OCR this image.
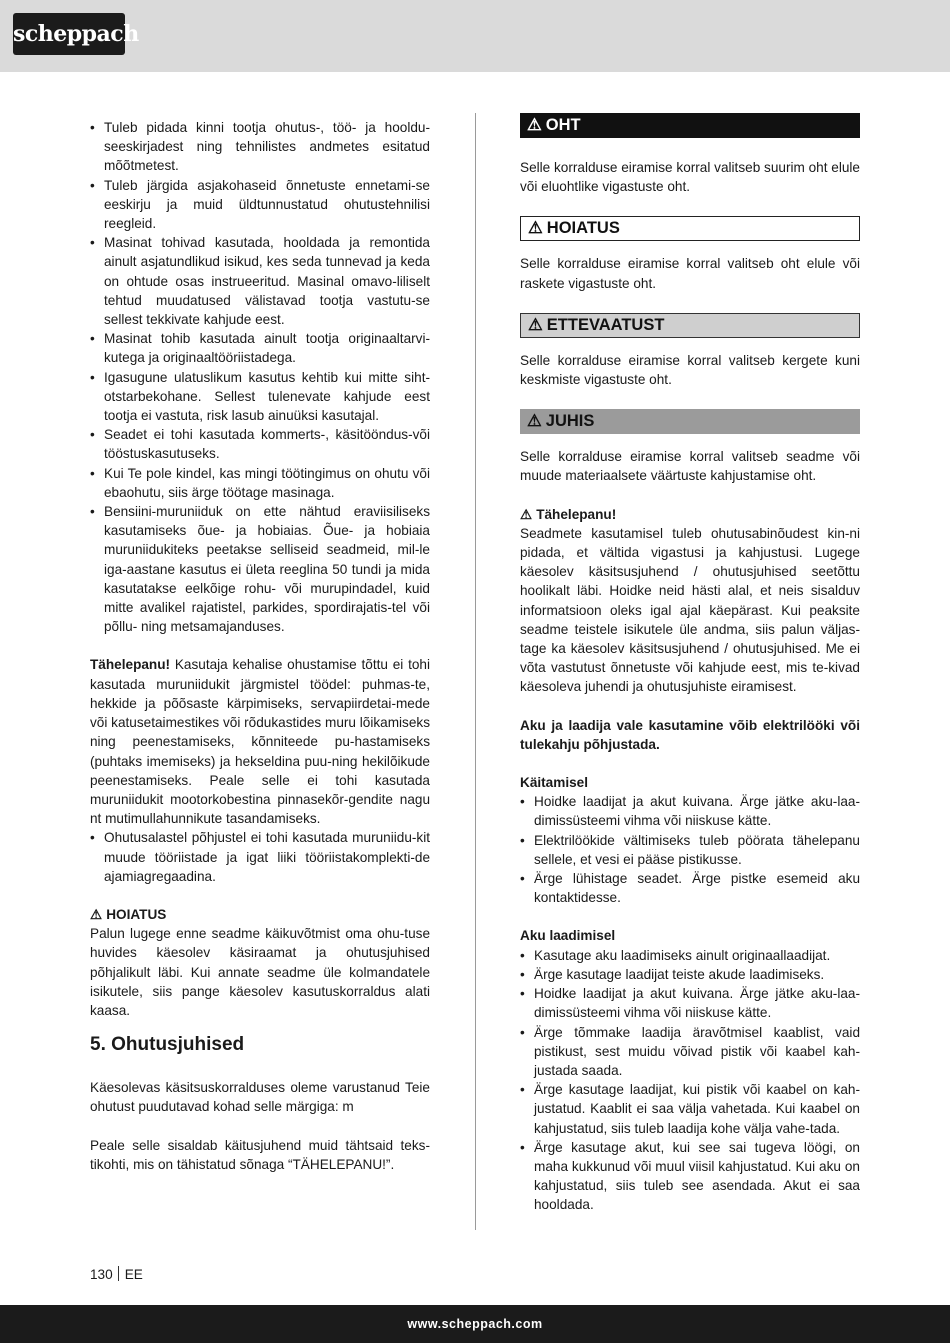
scheppach
• Tuleb pidada kinni tootja ohutus-, töö- ja hooldu-seeskirjadest ning tehnilistes andmetes esitatud mõõtmetest.
• Tuleb järgida asjakohaseid õnnetuste ennetami-se eeskirju ja muid üldtunnustatud ohutustehnilisi reegleid.
• Masinat tohivad kasutada, hooldada ja remontida ainult asjatundlikud isikud, kes seda tunnevad ja keda on ohtude osas instrueeritud. Masinal omavo-liliselt tehtud muudatused välistavad tootja vastutu-se sellest tekkivate kahjude eest.
• Masinat tohib kasutada ainult tootja originaaltarvi-kutega ja originaaltööriistadega.
• Igasugune ulatuslikum kasutus kehtib kui mitte siht-otstarbekohane. Sellest tulenevate kahjude eest tootja ei vastuta, risk lasub ainuüksi kasutajal.
• Seadet ei tohi kasutada kommerts-, käsitööndus-või tööstuskasutuseks.
• Kui Te pole kindel, kas mingi töötingimus on ohutu või ebaohutu, siis ärge töötage masinaga.
• Bensiini-muruniiduk on ette nähtud eraviisiliseks kasutamiseks õue- ja hobiaias. Õue- ja hobiaia muruniidukiteks peetakse selliseid seadmeid, mil-le iga-aastane kasutus ei ületa reeglina 50 tundi ja mida kasutatakse eelkõige rohu- või murupindadel, kuid mitte avalikel rajatistel, parkides, spordirajatis-tel või põllu- ning metsamajanduses.

Tähelepanu! Kasutaja kehalise ohustamise tõttu ei tohi kasutada muruniidukit järgmistel töödel: puhmas-te, hekkide ja põõsaste kärpimiseks, servapiirdetai-mede või katusetaimestikes või rõdukastides muru lõikamiseks ning peenestamiseks, kõnniteede pu-hastamiseks (puhtaks imemiseks) ja hekseldina puu-ning hekilõikude peenestamiseks. Peale selle ei tohi kasutada muruniidukit mootorkobestina pinnasekõr-gendite nagu nt mutimullahunnikute tasandamiseks.

• Ohutusalastel põhjustel ei tohi kasutada muruniidu-kit muude tööriistade ja igat liiki tööriistakomplekti-de ajamiagregaadina.
⚠ HOIATUS

Palun lugege enne seadme käikuvõtmist oma ohu-tuse huvides käesolev käsiraamat ja ohutusjuhised põhjalikult läbi. Kui annate seadme üle kolmandatele isikutele, siis pange käesolev kasutuskorraldus alati kaasa.

5. Ohutusjuhised

Käesolevas käsitsuskorralduses oleme varustanud Teie ohutust puudutavad kohad selle märgiga: m

Peale selle sisaldab käitusjuhend muid tähtsaid teks-tikohti, mis on tähistatud sõnaga “TÄHELEPANU!”.

⚠ OHT

Selle korralduse eiramise korral valitseb suurim oht elule või eluohtlike vigastuste oht.

⚠ HOIATUS

Selle korralduse eiramise korral valitseb oht elule või raskete vigastuste oht.

⚠ ETTEVAATUST

Selle korralduse eiramise korral valitseb kergete kuni keskmiste vigastuste oht.

⚠ JUHIS

Selle korralduse eiramise korral valitseb seadme või muude materiaalsete väärtuste kahjustamise oht.

⚠ Tähelepanu!

Seadmete kasutamisel tuleb ohutusabinõudest kin-ni pidada, et vältida vigastusi ja kahjustusi. Lugege käesolev käsitsusjuhend / ohutusjuhised seetõttu hoolikalt läbi. Hoidke neid hästi alal, et neis sisalduv informatsioon oleks igal ajal käepärast. Kui peaksite seadme teistele isikutele üle andma, siis palun väljas-tage ka käesolev käsitsusjuhend / ohutusjuhised. Me ei võta vastutust õnnetuste või kahjude eest, mis te-kivad käesoleva juhendi ja ohutusjuhiste eiramisest.

Aku ja laadija vale kasutamine võib elektrilööki või tulekahju põhjustada.

Käitamisel
• Hoidke laadijat ja akut kuivana. Ärge jätke aku-laa-dimissüsteemi vihma või niiskuse kätte.
• Elektrilöökide vältimiseks tuleb pöörata tähelepanu sellele, et vesi ei pääse pistikusse.
• Ärge lühistage seadet. Ärge pistke esemeid aku kontaktidesse.
Aku laadimisel
• Kasutage aku laadimiseks ainult originaallaadijat.
• Ärge kasutage laadijat teiste akude laadimiseks.
• Hoidke laadijat ja akut kuivana. Ärge jätke aku-laa-dimissüsteemi vihma või niiskuse kätte.
• Ärge tõmmake laadija äravõtmisel kaablist, vaid pistikust, sest muidu võivad pistik või kaabel kah-justada saada.
• Ärge kasutage laadijat, kui pistik või kaabel on kah-justatud. Kaablit ei saa välja vahetada. Kui kaabel on kahjustatud, siis tuleb laadija kohe välja vahe-tada.
• Ärge kasutage akut, kui see sai tugeva löögi, on maha kukkunud või muul viisil kahjustatud. Kui aku on kahjustatud, siis tuleb see asendada. Akut ei saa hooldada.
130 EE
www.scheppach.com
